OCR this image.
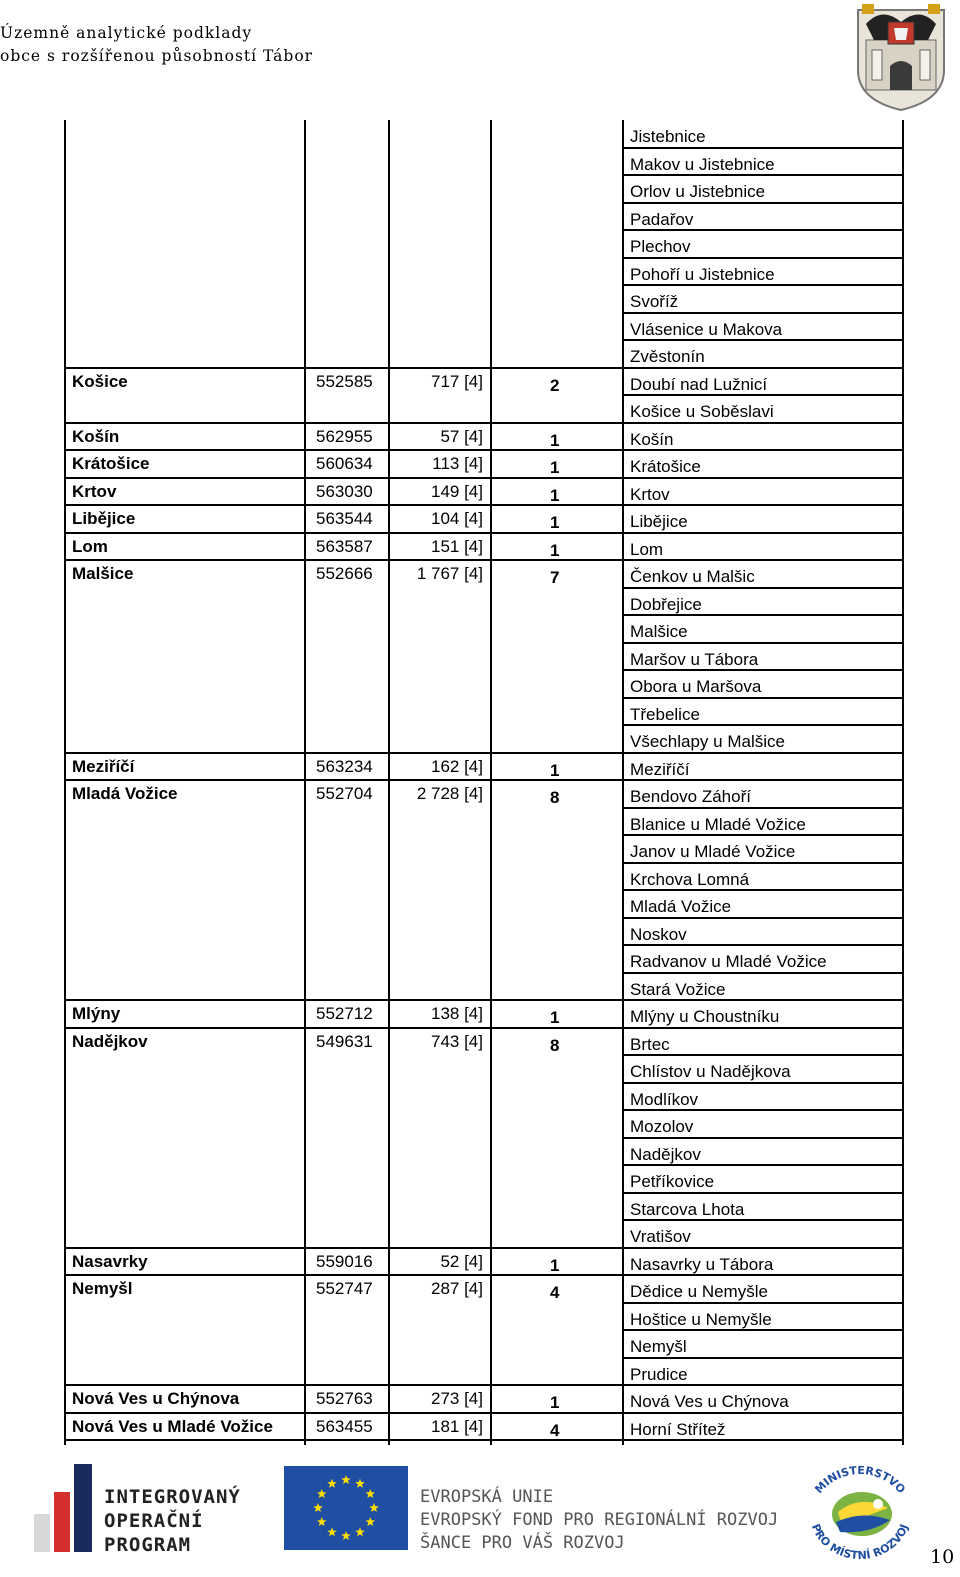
Územně analytické podklady
obce s rozšířenou působností Tábor
Jistebnice
Makov u Jistebnice
Orlov u Jistebnice
Padařov
Plechov
Pohoří u Jistebnice
Svoříž
Vlásenice u Makova
Zvěstonín
Košice	552585	717 [4]	2	Doubí nad Lužnicí
Košice u Soběslavi
Košín	562955	57 [4]	1	Košín
Krátošice	560634	113 [4]	1	Krátošice
Krtov	563030	149 [4]	1	Krtov
Libějice	563544	104 [4]	1	Libějice
Lom	563587	151 [4]	1	Lom
Malšice	552666	1 767 [4]	7	Čenkov u Malšic
Dobřejice
Malšice
Maršov u Tábora
Obora u Maršova
Třebelice
Všechlapy u Malšice
Meziříčí	563234	162 [4]	1	Meziříčí
Mladá Vožice	552704	2 728 [4]	8	Bendovo Záhoří
Blanice u Mladé Vožice
Janov u Mladé Vožice
Krchova Lomná
Mladá Vožice
Noskov
Radvanov u Mladé Vožice
Stará Vožice
Mlýny	552712	138 [4]	1	Mlýny u Choustníku
Nadějkov	549631	743 [4]	8	Brtec
Chlístov u Nadějkova
Modlíkov
Mozolov
Nadějkov
Petříkovice
Starcova Lhota
Vratišov
Nasavrky	559016	52 [4]	1	Nasavrky u Tábora
Nemyšl	552747	287 [4]	4	Dědice u Nemyšle
Hoštice u Nemyšle
Nemyšl
Prudice
Nová Ves u Chýnova	552763	273 [4]	1	Nová Ves u Chýnova
Nová Ves u Mladé Vožice	563455	181 [4]	4	Horní Střítež
INTEGROVANÝ
OPERAČNÍ
PROGRAM
EVROPSKÁ UNIE
EVROPSKÝ FOND PRO REGIONÁLNÍ ROZVOJ
ŠANCE PRO VÁŠ ROZVOJ
MINISTERSTVO
PRO MÍSTNÍ ROZVOJ
10
